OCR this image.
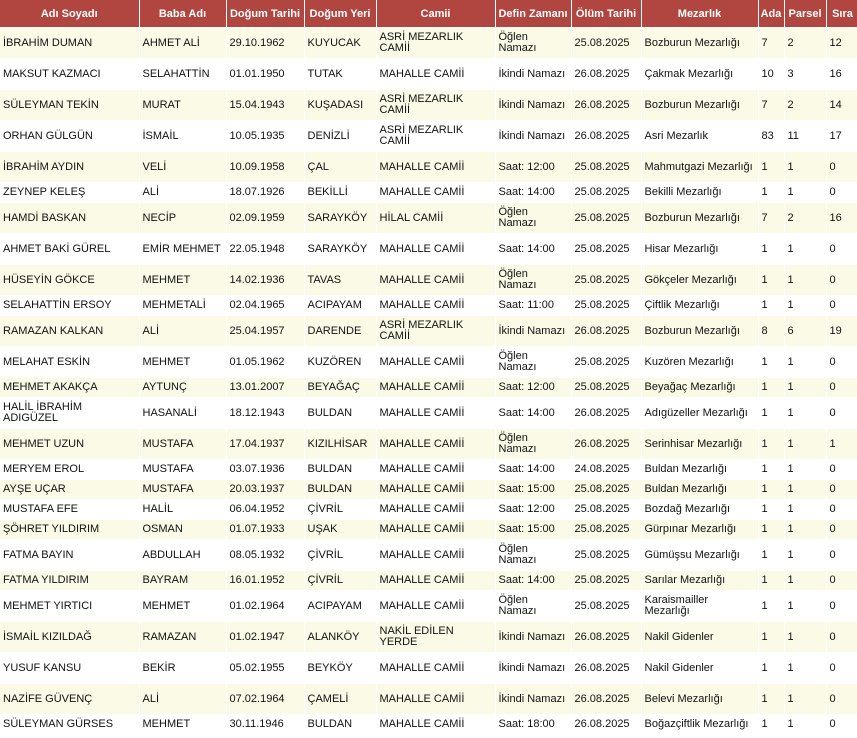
Adı Soyadı	Baba Adı	Doğum Tarihi	Doğum Yeri	Camii	Defin Zamanı	Ölüm Tarihi	Mezarlık	Ada	Parsel	Sıra
İBRAHİM DUMAN	AHMET ALİ	29.10.1962	KUYUCAK	ASRİ MEZARLIK CAMİİ	Öğlen Namazı	25.08.2025	Bozburun Mezarlığı	7	2	12
MAKSUT KAZMACI	SELAHATTİN	01.01.1950	TUTAK	MAHALLE CAMİİ	İkindi Namazı	26.08.2025	Çakmak Mezarlığı	10	3	16
SÜLEYMAN TEKİN	MURAT	15.04.1943	KUŞADASI	ASRİ MEZARLIK CAMİİ	İkindi Namazı	26.08.2025	Bozburun Mezarlığı	7	2	14
ORHAN GÜLGÜN	İSMAİL	10.05.1935	DENİZLİ	ASRİ MEZARLIK CAMİİ	İkindi Namazı	26.08.2025	Asri Mezarlık	83	11	17
İBRAHİM AYDIN	VELİ	10.09.1958	ÇAL	MAHALLE CAMİİ	Saat: 12:00	25.08.2025	Mahmutgazi Mezarlığı	1	1	0
ZEYNEP KELEŞ	ALİ	18.07.1926	BEKİLLİ	MAHALLE CAMİİ	Saat: 14:00	25.08.2025	Bekilli Mezarlığı	1	1	0
HAMDİ BASKAN	NECİP	02.09.1959	SARAYKÖY	HİLAL CAMİİ	Öğlen Namazı	25.08.2025	Bozburun Mezarlığı	7	2	16
AHMET BAKİ GÜREL	EMİR MEHMET	22.05.1948	SARAYKÖY	MAHALLE CAMİİ	Saat: 14:00	25.08.2025	Hisar Mezarlığı	1	1	0
HÜSEYİN GÖKCE	MEHMET	14.02.1936	TAVAS	MAHALLE CAMİİ	Öğlen Namazı	25.08.2025	Gökçeler Mezarlığı	1	1	0
SELAHATTİN ERSOY	MEHMETALİ	02.04.1965	ACIPAYAM	MAHALLE CAMİİ	Saat: 11:00	25.08.2025	Çiftlik Mezarlığı	1	1	0
RAMAZAN KALKAN	ALİ	25.04.1957	DARENDE	ASRİ MEZARLIK CAMİİ	İkindi Namazı	26.08.2025	Bozburun Mezarlığı	8	6	19
MELAHAT ESKİN	MEHMET	01.05.1962	KUZÖREN	MAHALLE CAMİİ	Öğlen Namazı	25.08.2025	Kuzören Mezarlığı	1	1	0
MEHMET AKAKÇA	AYTUNÇ	13.01.2007	BEYAĞAÇ	MAHALLE CAMİİ	Saat: 12:00	25.08.2025	Beyağaç Mezarlığı	1	1	0
HALİL İBRAHİM ADIGÜZEL	HASANALİ	18.12.1943	BULDAN	MAHALLE CAMİİ	Saat: 14:00	26.08.2025	Adıgüzeller Mezarlığı	1	1	0
MEHMET UZUN	MUSTAFA	17.04.1937	KIZILHİSAR	MAHALLE CAMİİ	Öğlen Namazı	26.08.2025	Serinhisar Mezarlığı	1	1	1
MERYEM EROL	MUSTAFA	03.07.1936	BULDAN	MAHALLE CAMİİ	Saat: 14:00	24.08.2025	Buldan Mezarlığı	1	1	0
AYŞE UÇAR	MUSTAFA	20.03.1937	BULDAN	MAHALLE CAMİİ	Saat: 15:00	25.08.2025	Buldan Mezarlığı	1	1	0
MUSTAFA EFE	HALİL	06.04.1952	ÇİVRİL	MAHALLE CAMİİ	Saat: 12:00	25.08.2025	Bozdağ Mezarlığı	1	1	0
ŞÖHRET YILDIRIM	OSMAN	01.07.1933	UŞAK	MAHALLE CAMİİ	Saat: 15:00	25.08.2025	Gürpınar Mezarlığı	1	1	0
FATMA BAYIN	ABDULLAH	08.05.1932	ÇİVRİL	MAHALLE CAMİİ	Öğlen Namazı	25.08.2025	Gümüşsu Mezarlığı	1	1	0
FATMA YILDIRIM	BAYRAM	16.01.1952	ÇİVRİL	MAHALLE CAMİİ	Saat: 14:00	25.08.2025	Sarılar Mezarlığı	1	1	0
MEHMET YIRTICI	MEHMET	01.02.1964	ACIPAYAM	MAHALLE CAMİİ	Öğlen Namazı	25.08.2025	Karaismailler Mezarlığı	1	1	0
İSMAİL KIZILDAĞ	RAMAZAN	01.02.1947	ALANKÖY	NAKİL EDİLEN YERDE	İkindi Namazı	26.08.2025	Nakil Gidenler	1	1	0
YUSUF KANSU	BEKİR	05.02.1955	BEYKÖY	MAHALLE CAMİİ	İkindi Namazı	26.08.2025	Nakil Gidenler	1	1	0
NAZİFE GÜVENÇ	ALİ	07.02.1964	ÇAMELİ	MAHALLE CAMİİ	İkindi Namazı	26.08.2025	Belevi Mezarlığı	1	1	0
SÜLEYMAN GÜRSES	MEHMET	30.11.1946	BULDAN	MAHALLE CAMİİ	Saat: 18:00	26.08.2025	Boğazçiftlik Mezarlığı	1	1	0
